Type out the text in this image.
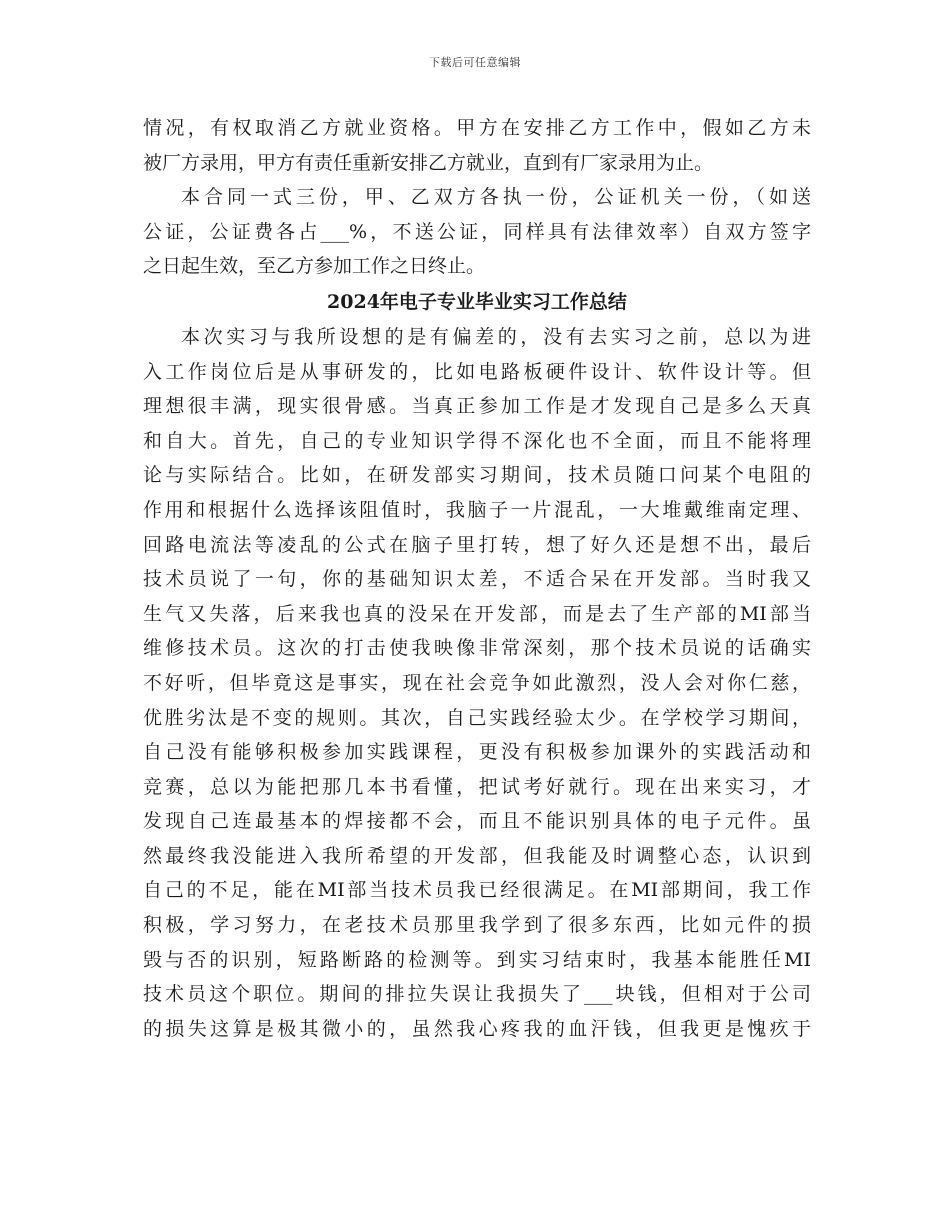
下载后可任意编辑
情况，有权取消乙方就业资格。甲方在安排乙方工作中，假如乙方未
被厂方录用，甲方有责任重新安排乙方就业，直到有厂家录用为止。
本合同一式三份，甲、乙双方各执一份，公证机关一份，（如送
公证，公证费各占___%，不送公证，同样具有法律效率）自双方签字
之日起生效，至乙方参加工作之日终止。
2024年电子专业毕业实习工作总结
本次实习与我所设想的是有偏差的，没有去实习之前，总以为进
入工作岗位后是从事研发的，比如电路板硬件设计、软件设计等。但
理想很丰满，现实很骨感。当真正参加工作是才发现自己是多么天真
和自大。首先，自己的专业知识学得不深化也不全面，而且不能将理
论与实际结合。比如，在研发部实习期间，技术员随口问某个电阻的
作用和根据什么选择该阻值时，我脑子一片混乱，一大堆戴维南定理、
回路电流法等凌乱的公式在脑子里打转，想了好久还是想不出，最后
技术员说了一句，你的基础知识太差，不适合呆在开发部。当时我又
生气又失落，后来我也真的没呆在开发部，而是去了生产部的MI部当
维修技术员。这次的打击使我映像非常深刻，那个技术员说的话确实
不好听，但毕竟这是事实，现在社会竞争如此激烈，没人会对你仁慈，
优胜劣汰是不变的规则。其次，自己实践经验太少。在学校学习期间，
自己没有能够积极参加实践课程，更没有积极参加课外的实践活动和
竞赛，总以为能把那几本书看懂，把试考好就行。现在出来实习，才
发现自己连最基本的焊接都不会，而且不能识别具体的电子元件。虽
然最终我没能进入我所希望的开发部，但我能及时调整心态，认识到
自己的不足，能在MI部当技术员我已经很满足。在MI部期间，我工作
积极，学习努力，在老技术员那里我学到了很多东西，比如元件的损
毁与否的识别，短路断路的检测等。到实习结束时，我基本能胜任MI
技术员这个职位。期间的排拉失误让我损失了___块钱，但相对于公司
的损失这算是极其微小的，虽然我心疼我的血汗钱，但我更是愧疚于
